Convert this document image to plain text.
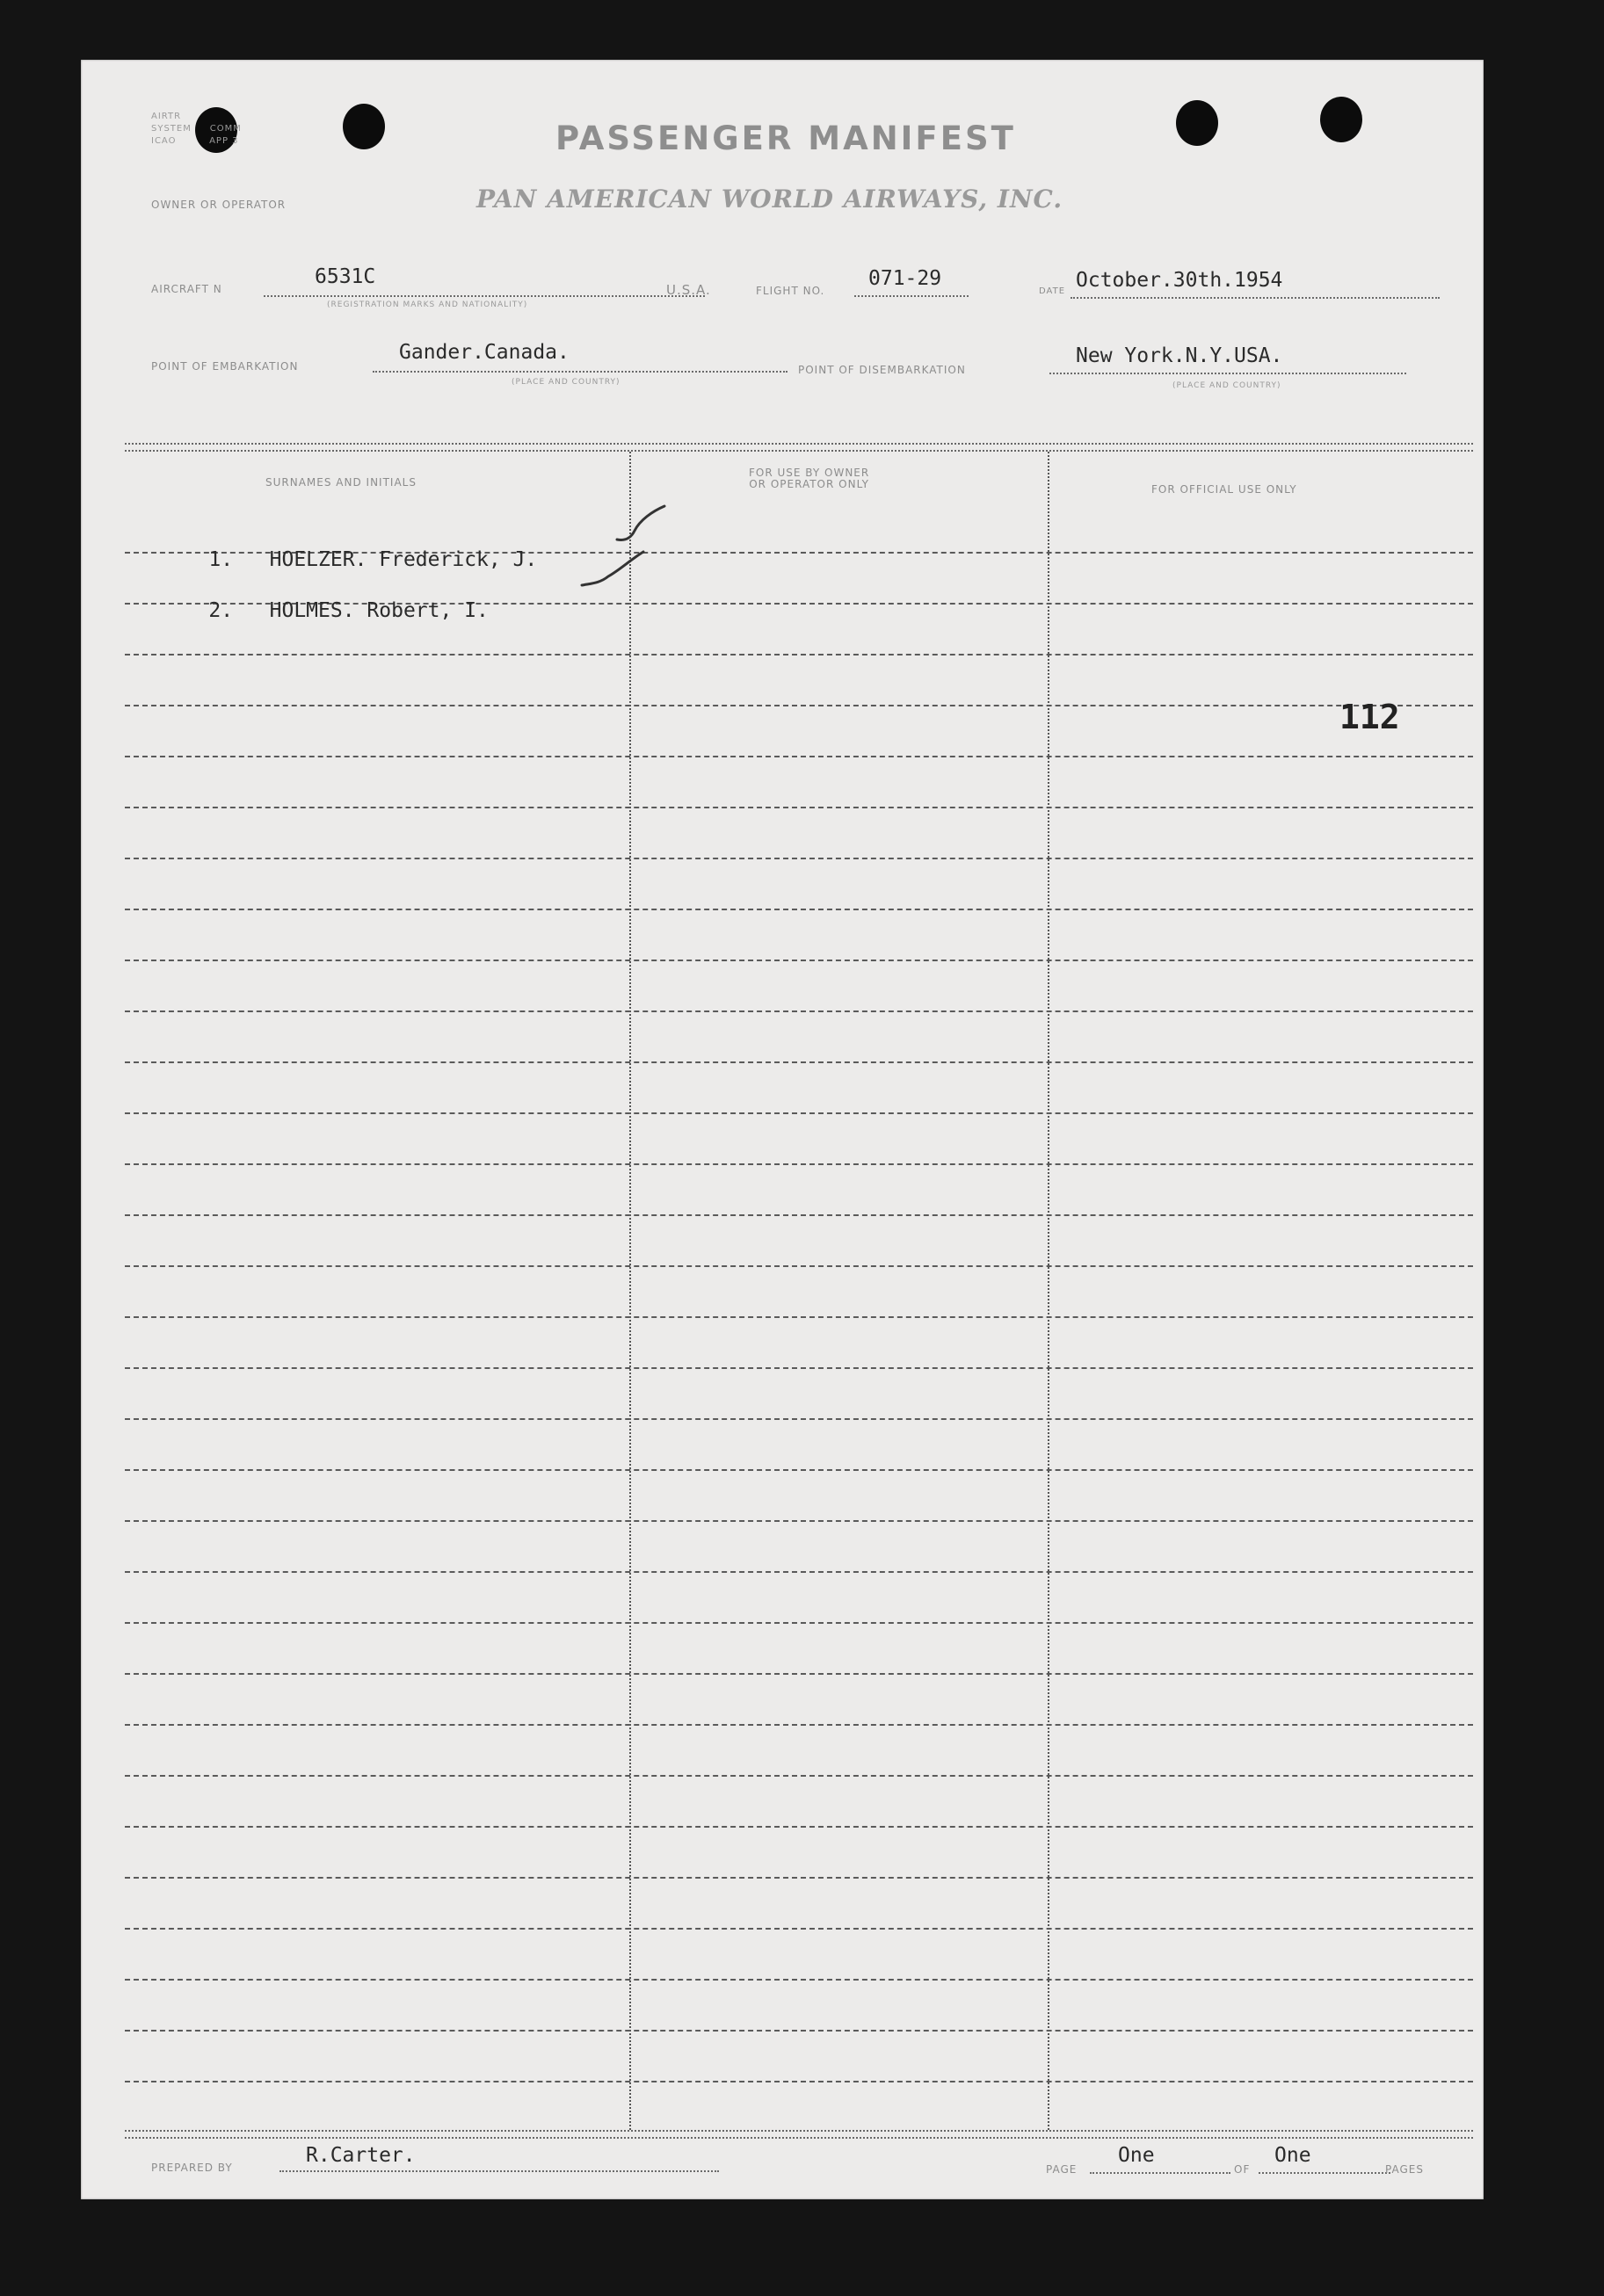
AIRTR
SYSTEM COMM
ICAO	APP 3	PASSENGER MANIFEST
PAN AMERICAN WORLD AIRWAYS, INC.
OWNER OR OPERATOR
AIRCRAFT N
6531C
(REGISTRATION MARKS AND NATIONALITY)
U.S.A.	FLIGHT NO.
071-29
DATE October.30th.1954
POINT OF EMBARKATION
Gander.Canada.
(PLACE AND COUNTRY)
POINT OF DISEMBARKATION
New York.N.Y.USA.
(PLACE AND COUNTRY)
SURNAMES AND INITIALS
FOR USE BY OWNER
OR OPERATOR ONLY	FOR OFFICIAL USE ONLY

1. HOELZER. Frederick, J.

2. HOLMES. Robert, I.

112
PREPARED BY
R.Carter.
PAGE
One
OF
One
PAGES
